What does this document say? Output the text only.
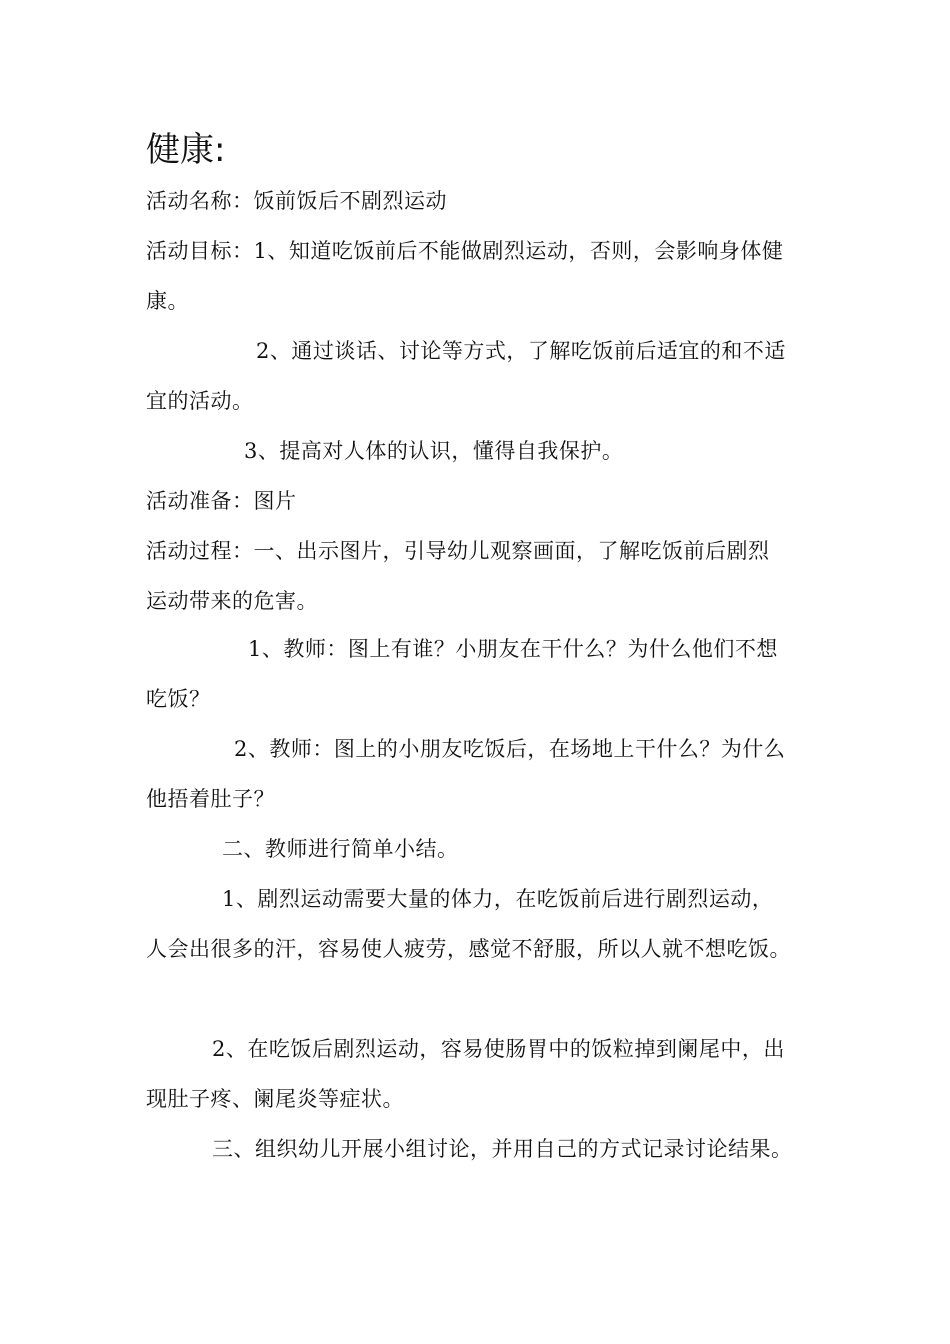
健康:
活动名称：饭前饭后不剧烈运动
活动目标：1、知道吃饭前后不能做剧烈运动，否则，会影响身体健
康。
2、通过谈话、讨论等方式，了解吃饭前后适宜的和不适
宜的活动。
3、提高对人体的认识，懂得自我保护。
活动准备：图片
活动过程：一、出示图片，引导幼儿观察画面，了解吃饭前后剧烈
运动带来的危害。
1、教师：图上有谁？小朋友在干什么？为什么他们不想
吃饭？
2、教师：图上的小朋友吃饭后，在场地上干什么？为什么
他捂着肚子？
二、教师进行简单小结。
1、剧烈运动需要大量的体力，在吃饭前后进行剧烈运动，
人会出很多的汗，容易使人疲劳，感觉不舒服，所以人就不想吃饭。
2、在吃饭后剧烈运动，容易使肠胃中的饭粒掉到阑尾中，出
现肚子疼、阑尾炎等症状。
三、组织幼儿开展小组讨论，并用自己的方式记录讨论结果。
